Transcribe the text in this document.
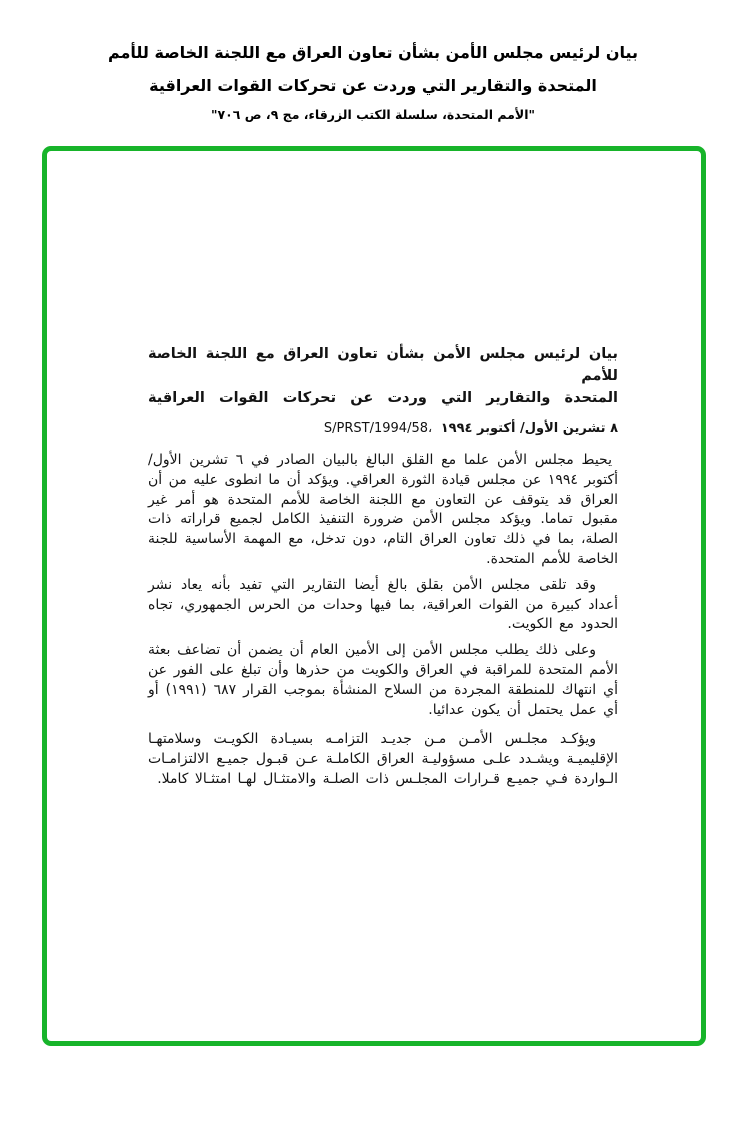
بيان لرئيس مجلس الأمن بشأن تعاون العراق مع اللجنة الخاصة للأمم
المتحدة والتقارير التي وردت عن تحركات القوات العراقية
"الأمم المتحدة، سلسلة الكتب الزرقاء، مج ٩، ص ٧٠٦"
بيان لرئيس مجلس الأمن بشأن تعاون العراق مع اللجنة الخاصة للأمم
المتحدة والتقارير التي وردت عن تحركات القوات العراقية
S/PRST/1994/58، ٨ تشرين الأول/ أكتوبر ١٩٩٤

يحيط مجلس الأمن علما مع القلق البالغ بالبيان الصادر في ٦ تشرين الأول/ أكتوبر ١٩٩٤ عن مجلس قيادة الثورة العراقي. ويؤكد أن ما انطوى عليه من أن العراق قد يتوقف عن التعاون مع اللجنة الخاصة للأمم المتحدة هو أمر غير مقبول تماما. ويؤكد مجلس الأمن ضرورة التنفيذ الكامل لجميع قراراته ذات الصلة، بما في ذلك تعاون العراق التام، دون تدخل، مع المهمة الأساسية للجنة الخاصة للأمم المتحدة.

وقد تلقى مجلس الأمن بقلق بالغ أيضا التقارير التي تفيد بأنه يعاد نشر أعداد كبيرة من القوات العراقية، بما فيها وحدات من الحرس الجمهوري، تجاه الحدود مع الكويت.

وعلى ذلك يطلب مجلس الأمن إلى الأمين العام أن يضمن أن تضاعف بعثة الأمم المتحدة للمراقبة في العراق والكويت من حذرها وأن تبلغ على الفور عن أي انتهاك للمنطقة المجردة من السلاح المنشأة بموجب القرار ٦٨٧ (١٩٩١) أو أي عمل يحتمل أن يكون عدائيا.

ويؤكـد مجلـس الأمـن مـن جديـد التزامـه بسيـادة الكويـت وسلامتهـا الإقليميـة ويشـدد علـى مسؤوليـة العراق الكاملـة عـن قبـول جميـع الالتزامـات الـواردة فـي جميـع قـرارات المجلـس ذات الصلـة والامتثـال لهـا امتثـالا كاملا.
